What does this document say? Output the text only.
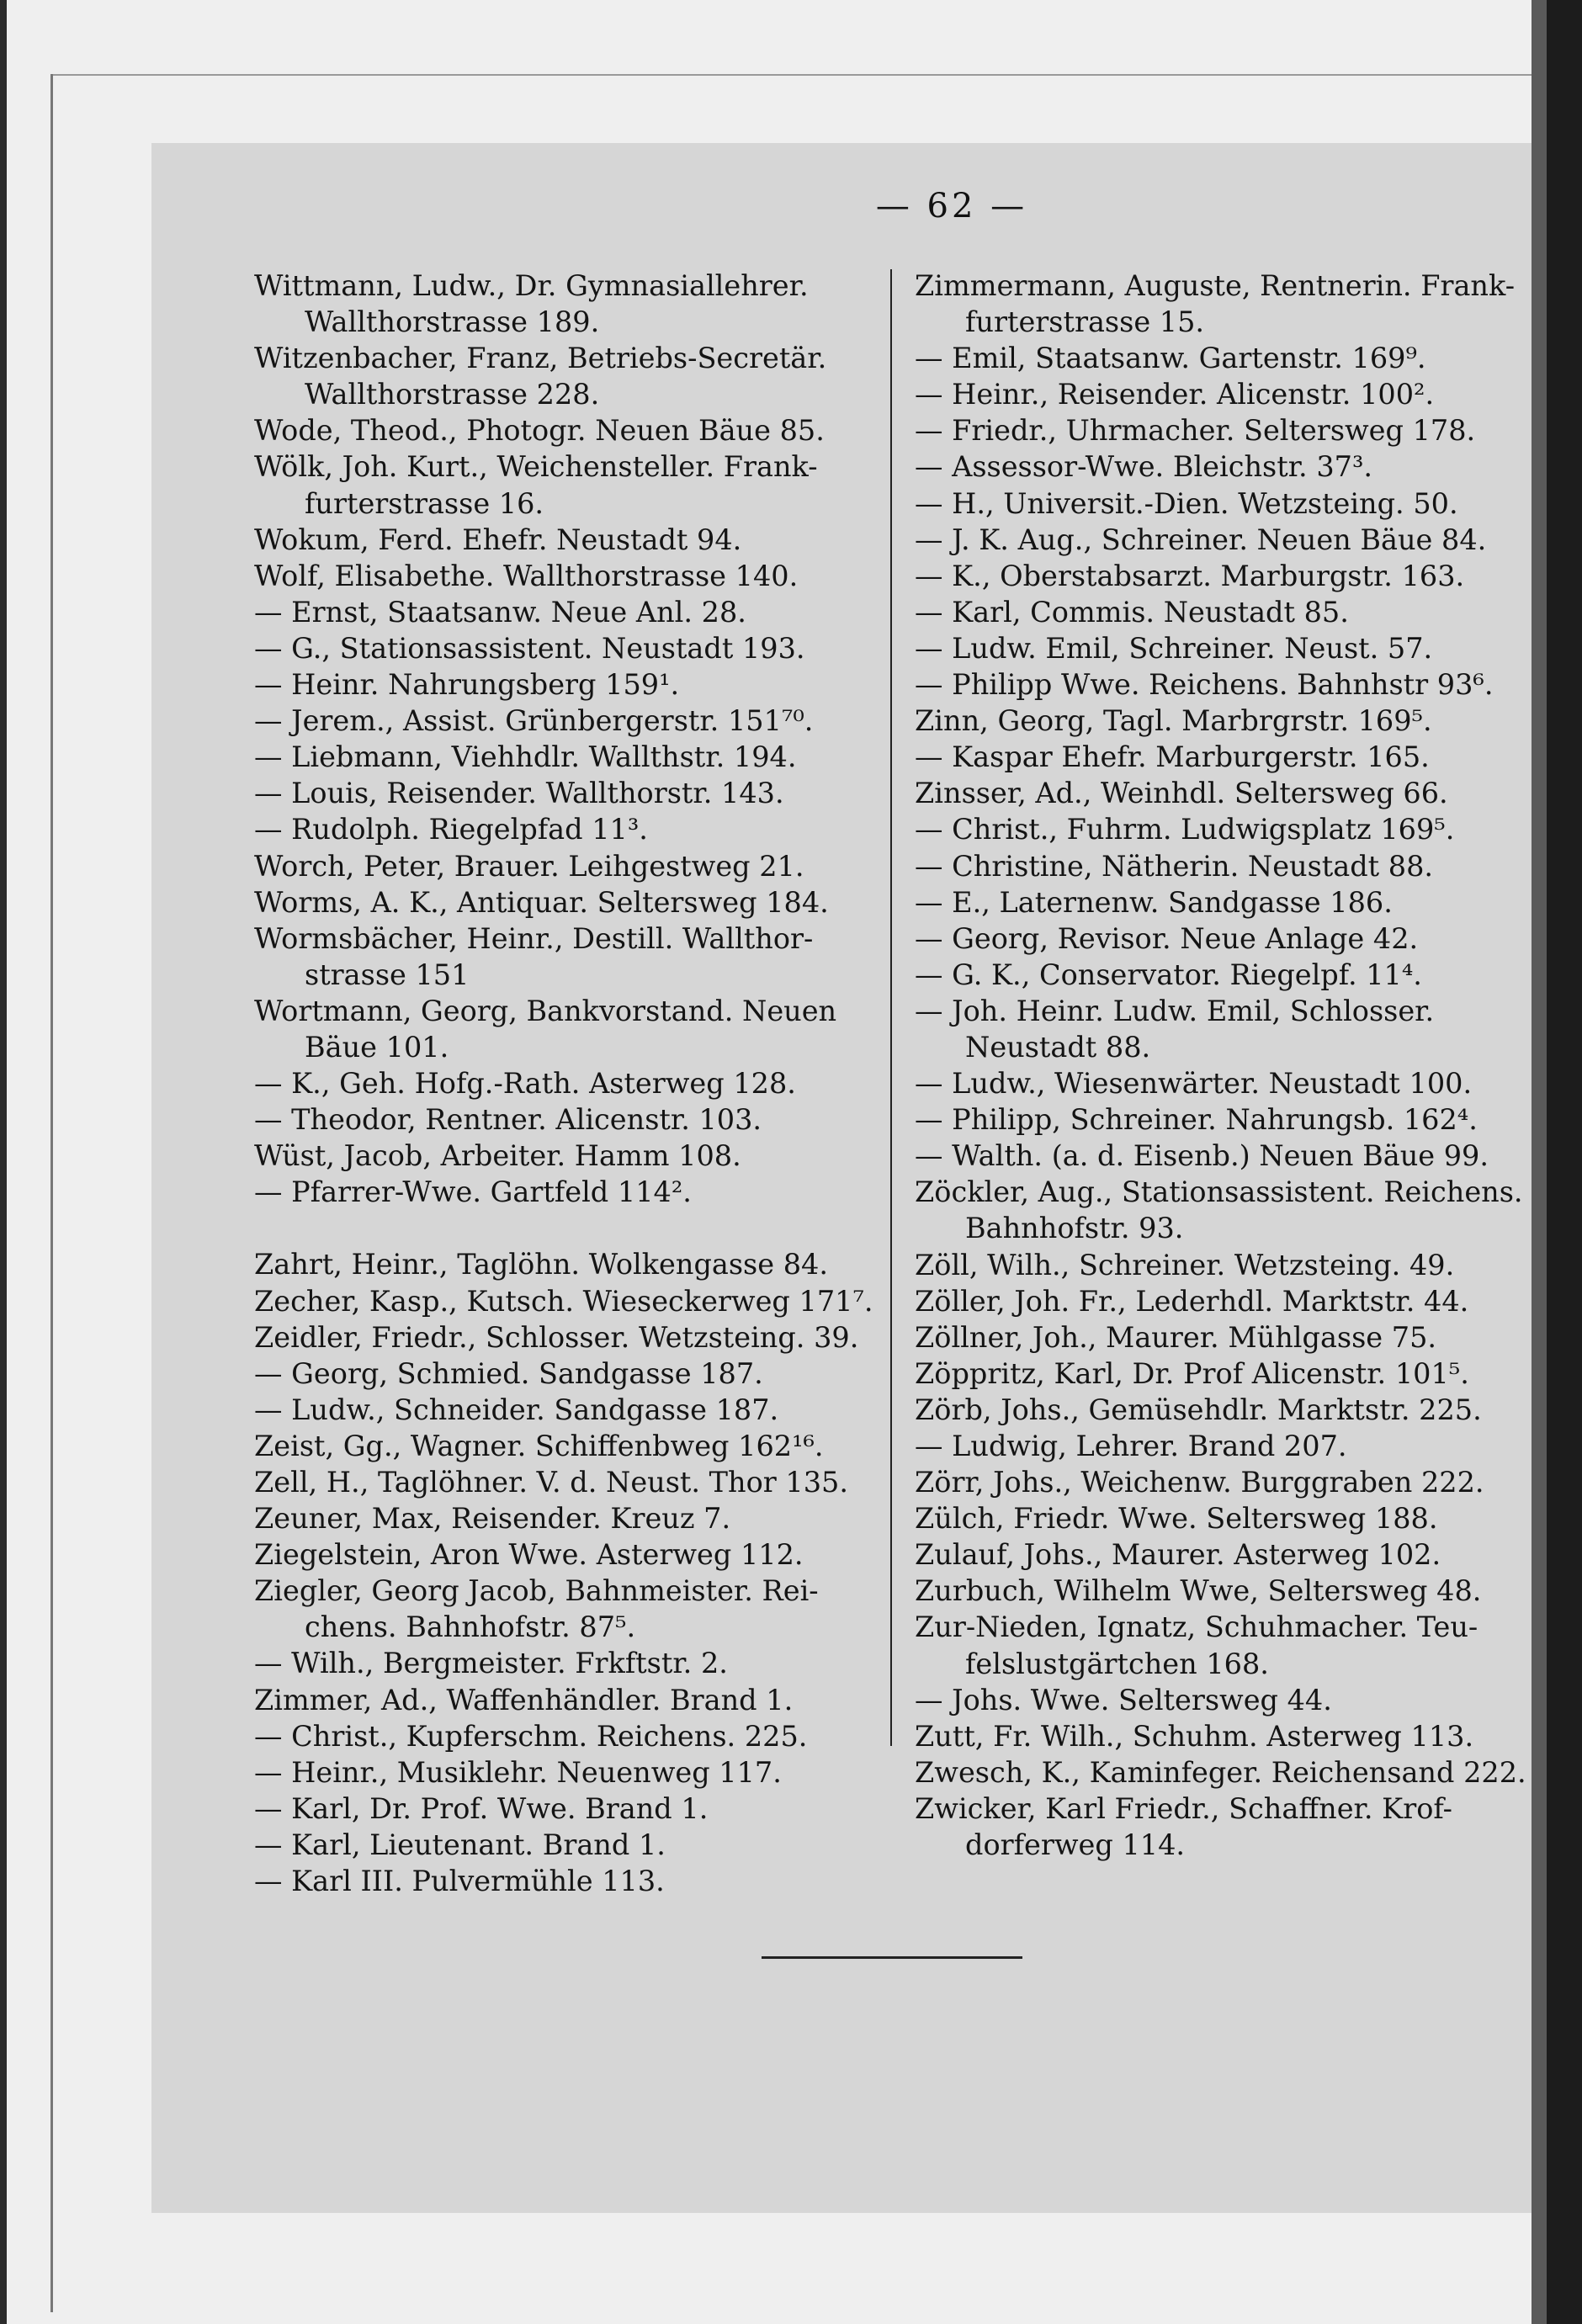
— 62 —
Wittmann, Ludw., Dr. Gymnasiallehrer.
Wallthorstrasse 189.
Witzenbacher, Franz, Betriebs-Secretär.
Wallthorstrasse 228.
Wode, Theod., Photogr. Neuen Bäue 85.
Wölk, Joh. Kurt., Weichensteller. Frank-
furterstrasse 16.
Wokum, Ferd. Ehefr. Neustadt 94.
Wolf, Elisabethe. Wallthorstrasse 140.
— Ernst, Staatsanw. Neue Anl. 28.
— G., Stationsassistent. Neustadt 193.
— Heinr. Nahrungsberg 159¹.
— Jerem., Assist. Grünbergerstr. 151⁷⁰.
— Liebmann, Viehhdlr. Wallthstr. 194.
— Louis, Reisender. Wallthorstr. 143.
— Rudolph. Riegelpfad 11³.
Worch, Peter, Brauer. Leihgestweg 21.
Worms, A. K., Antiquar. Seltersweg 184.
Wormsbächer, Heinr., Destill. Wallthor-
strasse 151
Wortmann, Georg, Bankvorstand. Neuen
Bäue 101.
— K., Geh. Hofg.-Rath. Asterweg 128.
— Theodor, Rentner. Alicenstr. 103.
Wüst, Jacob, Arbeiter. Hamm 108.
— Pfarrer-Wwe. Gartfeld 114².
Zahrt, Heinr., Taglöhn. Wolkengasse 84.
Zecher, Kasp., Kutsch. Wieseckerweg 171⁷.
Zeidler, Friedr., Schlosser. Wetzsteing. 39.
— Georg, Schmied. Sandgasse 187.
— Ludw., Schneider. Sandgasse 187.
Zeist, Gg., Wagner. Schiffenbweg 162¹⁶.
Zell, H., Taglöhner. V. d. Neust. Thor 135.
Zeuner, Max, Reisender. Kreuz 7.
Ziegelstein, Aron Wwe. Asterweg 112.
Ziegler, Georg Jacob, Bahnmeister. Rei-
chens. Bahnhofstr. 87⁵.
— Wilh., Bergmeister. Frkftstr. 2.
Zimmer, Ad., Waffenhändler. Brand 1.
— Christ., Kupferschm. Reichens. 225.
— Heinr., Musiklehr. Neuenweg 117.
— Karl, Dr. Prof. Wwe. Brand 1.
— Karl, Lieutenant. Brand 1.
— Karl III. Pulvermühle 113.
Zimmermann, Auguste, Rentnerin. Frank-
furterstrasse 15.
— Emil, Staatsanw. Gartenstr. 169⁹.
— Heinr., Reisender. Alicenstr. 100².
— Friedr., Uhrmacher. Seltersweg 178.
— Assessor-Wwe. Bleichstr. 37³.
— H., Universit.-Dien. Wetzsteing. 50.
— J. K. Aug., Schreiner. Neuen Bäue 84.
— K., Oberstabsarzt. Marburgstr. 163.
— Karl, Commis. Neustadt 85.
— Ludw. Emil, Schreiner. Neust. 57.
— Philipp Wwe. Reichens. Bahnhstr 93⁶.
Zinn, Georg, Tagl. Marbrgrstr. 169⁵.
— Kaspar Ehefr. Marburgerstr. 165.
Zinsser, Ad., Weinhdl. Seltersweg 66.
— Christ., Fuhrm. Ludwigsplatz 169⁵.
— Christine, Nätherin. Neustadt 88.
— E., Laternenw. Sandgasse 186.
— Georg, Revisor. Neue Anlage 42.
— G. K., Conservator. Riegelpf. 11⁴.
— Joh. Heinr. Ludw. Emil, Schlosser.
Neustadt 88.
— Ludw., Wiesenwärter. Neustadt 100.
— Philipp, Schreiner. Nahrungsb. 162⁴.
— Walth. (a. d. Eisenb.) Neuen Bäue 99.
Zöckler, Aug., Stationsassistent. Reichens.
Bahnhofstr. 93.
Zöll, Wilh., Schreiner. Wetzsteing. 49.
Zöller, Joh. Fr., Lederhdl. Marktstr. 44.
Zöllner, Joh., Maurer. Mühlgasse 75.
Zöppritz, Karl, Dr. Prof Alicenstr. 101⁵.
Zörb, Johs., Gemüsehdlr. Marktstr. 225.
— Ludwig, Lehrer. Brand 207.
Zörr, Johs., Weichenw. Burggraben 222.
Zülch, Friedr. Wwe. Seltersweg 188.
Zulauf, Johs., Maurer. Asterweg 102.
Zurbuch, Wilhelm Wwe, Seltersweg 48.
Zur-Nieden, Ignatz, Schuhmacher. Teu-
felslustgärtchen 168.
— Johs. Wwe. Seltersweg 44.
Zutt, Fr. Wilh., Schuhm. Asterweg 113.
Zwesch, K., Kaminfeger. Reichensand 222.
Zwicker, Karl Friedr., Schaffner. Krof-
dorferweg 114.
